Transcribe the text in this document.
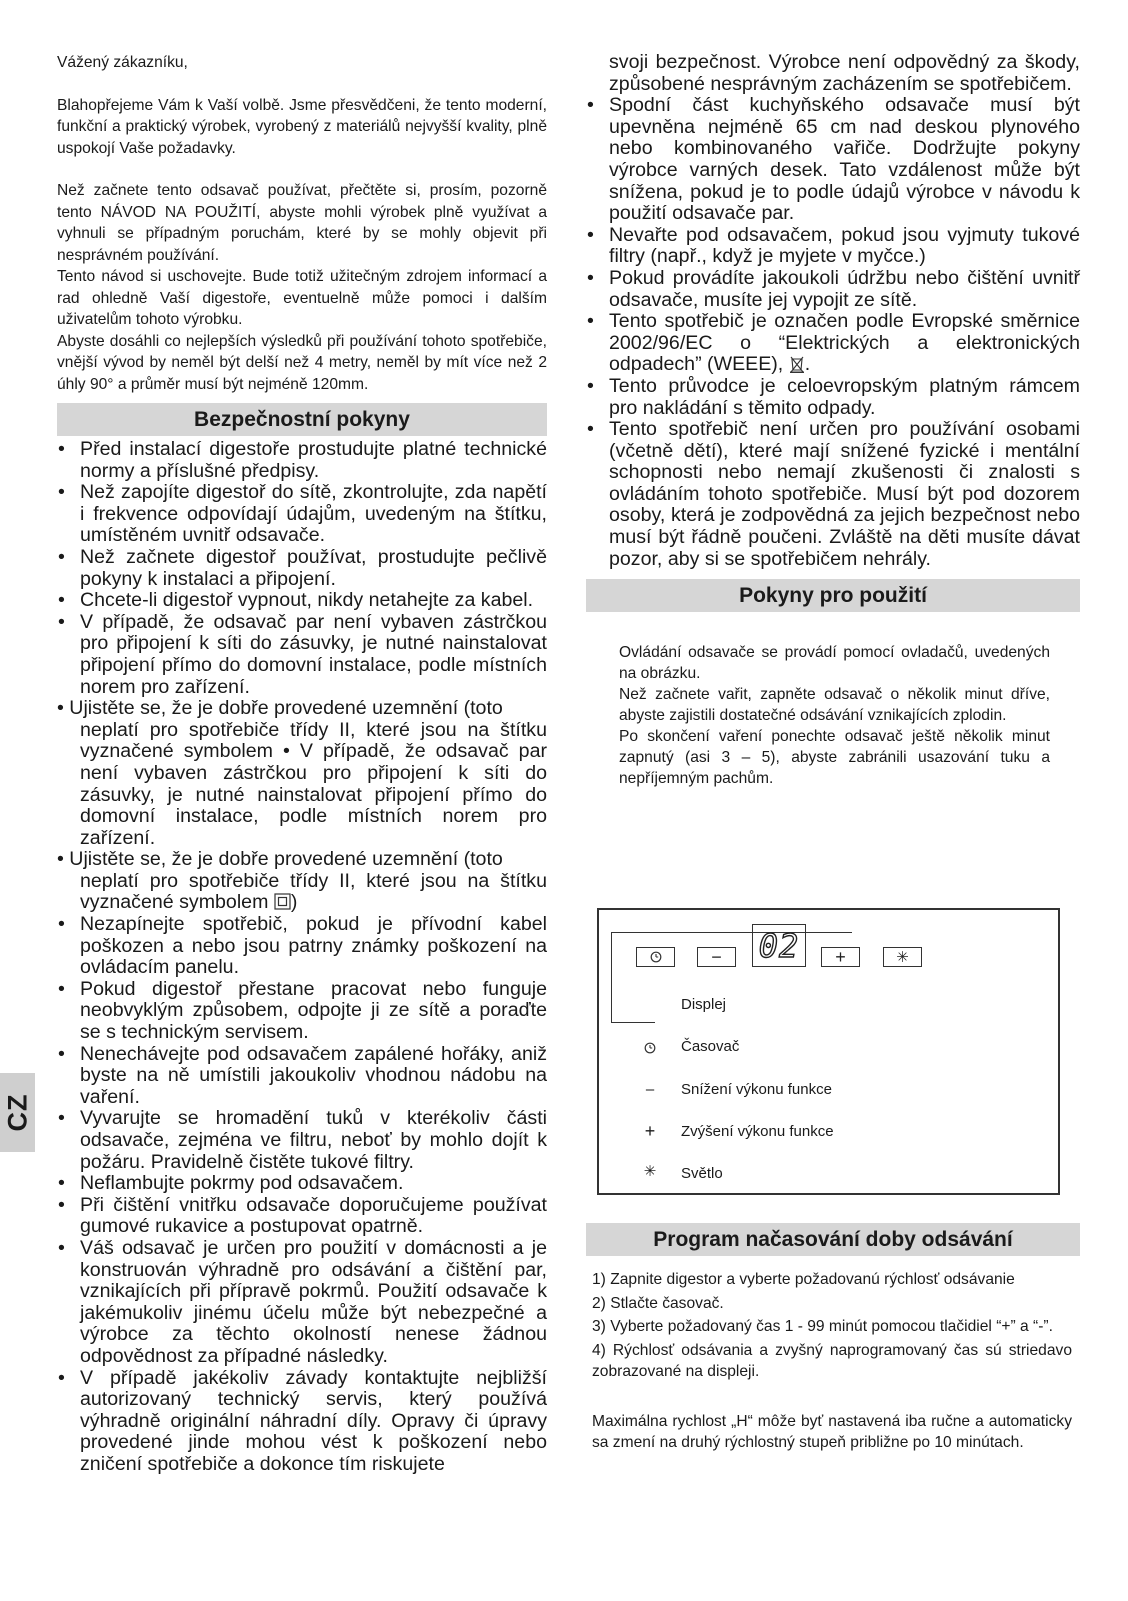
Vážený zákazníku,

Blahopřejeme Vám k Vaší volbě. Jsme přesvědčeni, že tento moderní, funkční a praktický výrobek, vyrobený z materiálů nejvyšší kvality, plně uspokojí Vaše požadavky.

Než začnete tento odsavač používat, přečtěte si, prosím, pozorně tento NÁVOD NA POUŽITÍ, abyste mohli výrobek plně využívat a vyhnuli se případným poruchám, které by se mohly objevit při nesprávném používání.

Tento návod si uschovejte. Bude totiž užitečným zdrojem informací a rad ohledně Vaší digestoře, eventuelně může pomoci i dalším uživatelům tohoto výrobku.

Abyste dosáhli co nejlepších výsledků při používání tohoto spotřebiče, vnější vývod by neměl být delší než 4 metry, neměl by mít více než 2 úhly 90° a průměr musí být nejméně 120mm.

Bezpečnostní pokyny
• Před instalací digestoře prostudujte platné technické normy a příslušné předpisy.
• Než zapojíte digestoř do sítě, zkontrolujte, zda napětí i frekvence odpovídají údajům, uvedeným na štítku, umístěném uvnitř odsavače.
• Než začnete digestoř používat, prostudujte pečlivě pokyny k instalaci a připojení.
• Chcete-li digestoř vypnout, nikdy netahejte za kabel.
• V případě, že odsavač par není vybaven zástrčkou pro připojení k síti do zásuvky, je nutné nainstalovat připojení přímo do domovní instalace, podle místních norem pro zařízení.
• Ujistěte se, že je dobře provedené uzemnění (toto
neplatí pro spotřebiče třídy II, které jsou na štítku vyznačené symbolem • V případě, že odsavač par není vybaven zástrčkou pro připojení k síti do zásuvky, je nutné nainstalovat připojení přímo do domovní instalace, podle místních norem pro zařízení.
• Ujistěte se, že je dobře provedené uzemnění (toto
neplatí pro spotřebiče třídy II, které jsou na štítku vyznačené symbolem )
• Nezapínejte spotřebič, pokud je přívodní kabel poškozen a nebo jsou patrny známky poškození na ovládacím panelu.
• Pokud digestoř přestane pracovat nebo funguje neobvyklým způsobem, odpojte ji ze sítě a poraďte se s technickým servisem.
• Nenechávejte pod odsavačem zapálené hořáky, aniž byste na ně umístili jakoukoliv vhodnou nádobu na vaření.
• Vyvarujte se hromadění tuků v kterékoliv části odsavače, zejména ve filtru, neboť by mohlo dojít k požáru. Pravidelně čistěte tukové filtry.
• Neflambujte pokrmy pod odsavačem.
• Při čištění vnitřku odsavače doporučujeme používat gumové rukavice a postupovat opatrně.
• Váš odsavač je určen pro použití v domácnosti a je konstruován výhradně pro odsávání a čištění par, vznikajících při přípravě pokrmů. Použití odsavače k jakémukoliv jinému účelu může být nebezpečné a výrobce za těchto okolností nenese žádnou odpovědnost za případné následky.
• V případě jakékoliv závady kontaktujte nejbližší autorizovaný technický servis, který používá výhradně originální náhradní díly. Opravy či úpravy provedené jinde mohou vést k poškození nebo zničení spotřebiče a dokonce tím riskujete
svoji bezpečnost. Výrobce není odpovědný za škody, způsobené nesprávným zacházením se spotřebičem.
• Spodní část kuchyňského odsavače musí být upevněna nejméně 65 cm nad deskou plynového nebo kombinovaného vařiče. Dodržujte pokyny výrobce varných desek. Tato vzdálenost může být snížena, pokud je to podle údajů výrobce v návodu k použití odsavače par.
• Nevařte pod odsavačem, pokud jsou vyjmuty tukové filtry (např., když je myjete v myčce.)
• Pokud provádíte jakoukoli údržbu nebo čištění uvnitř odsavače, musíte jej vypojit ze sítě.
• Tento spotřebič je označen podle Evropské směrnice 2002/96/EC o “Elektrických a elektronických odpadech” (WEEE), .
• Tento průvodce je celoevropským platným rámcem pro nakládání s těmito odpady.
• Tento spotřebič není určen pro používání osobami (včetně dětí), které mají snížené fyzické i mentální schopnosti nebo nemají zkušenosti či znalosti s ovládáním tohoto spotřebiče. Musí být pod dozorem osoby, která je zodpovědná za jejich bezpečnost nebo musí být řádně poučeni. Zvláště na děti musíte dávat pozor, aby si se spotřebičem nehrály.
Pokyny pro použití

Ovládání odsavače se provádí pomocí ovladačů, uvedených na obrázku.

Než začnete vařit, zapněte odsavač o několik minut dříve, abyste zajistili dostatečné odsávání vznikajících zplodin.

Po skončení vaření ponechte odsavač ještě několik minut zapnutý (asi 3 – 5), abyste zabránili usazování tuku a nepříjemným pachům.

− 02	+	✳
Displej
Časovač
–	Snížení výkonu funkce
+	Zvýšení výkonu funkce
✳ Světlo
Program načasování doby odsávání

1) Zapnite digestor a vyberte požadovanú rýchlosť odsávanie

2) Stlačte časovač.

3) Vyberte požadovaný čas 1 - 99 minút pomocou tlačidiel “+” a “-”.

4) Rýchlosť odsávania a zvyšný naprogramovaný čas sú striedavo zobrazované na displeji.

Maximálna rychlost „H“ môže byť nastavená iba ručne a automaticky sa zmení na druhý rýchlostný stupeň približne po 10 minútach.

CZ
